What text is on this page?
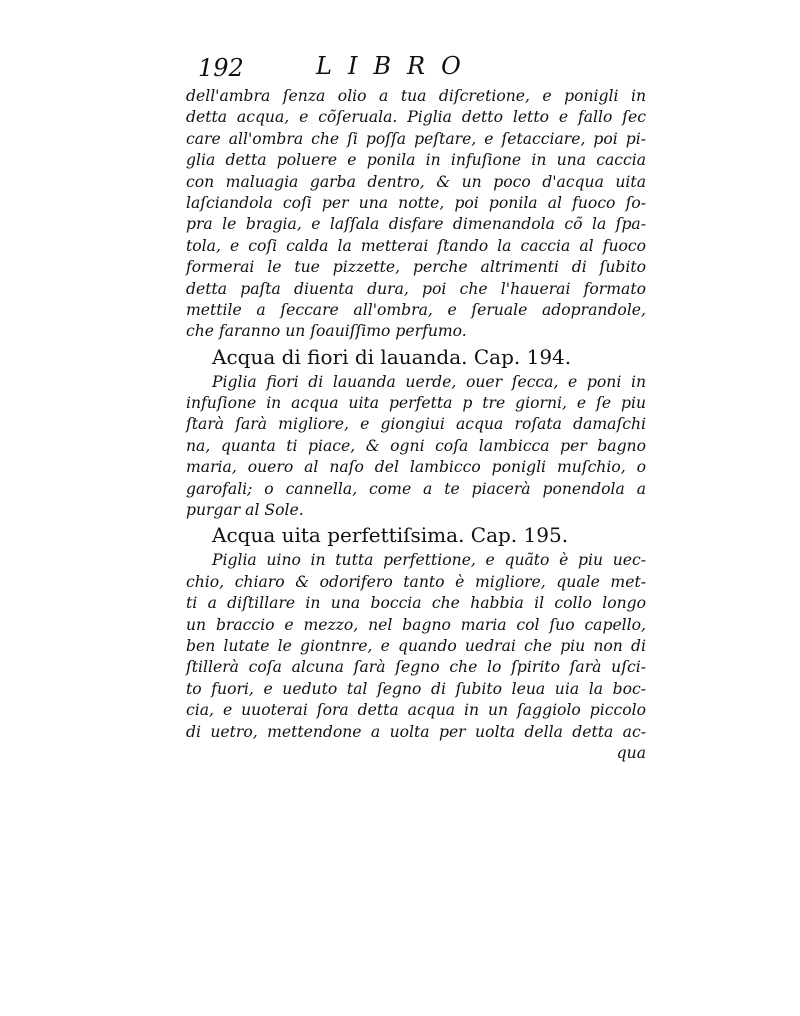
192	LIBRO
dell'ambra ſenza olio a tua diſcretione, e ponigli in
detta acqua, e cõſeruala. Piglia detto letto e fallo ſec
care all'ombra che ſi poſſa peſtare, e ſetacciare, poi pi-
glia detta poluere e ponila in infuſione in una caccia
con maluagia garba dentro, & un poco d'acqua uita
laſciandola coſi per una notte, poi ponila al fuoco ſo-
pra le bragia, e laſſala disfare dimenandola cõ la ſpa-
tola, e coſi calda la metterai ſtando la caccia al fuoco
formerai le tue pizzette, perche altrimenti di ſubito
detta paſta diuenta dura, poi che l'hauerai formato
mettile a ſeccare all'ombra, e ſeruale adoprandole,
che faranno un ſoauiſſimo perfumo.
Acqua di fiori di lauanda. Cap. 194.
Piglia fiori di lauanda uerde, ouer ſecca, e poni in
infuſione in acqua uita perfetta p tre giorni, e ſe piu
ſtarà ſarà migliore, e giongiui acqua roſata damaſchi
na, quanta ti piace, & ogni coſa lambicca per bagno
maria, ouero al naſo del lambicco ponigli muſchio, o
garofali; o cannella, come a te piacerà ponendola a
purgar al Sole.
Acqua uita perfettiſsima. Cap. 195.
Piglia uino in tutta perfettione, e quãto è piu uec-
chio, chiaro & odorifero tanto è migliore, quale met-
ti a diſtillare in una boccia che habbia il collo longo
un braccio e mezzo, nel bagno maria col ſuo capello,
ben lutate le giontnre, e quando uedrai che piu non di
ſtillerà coſa alcuna ſarà ſegno che lo ſpirito ſarà uſci-
to fuori, e ueduto tal ſegno di ſubito leua uia la boc-
cia, e uuoterai ſora detta acqua in un ſaggiolo piccolo
di uetro, mettendone a uolta per uolta della detta ac-
qua
